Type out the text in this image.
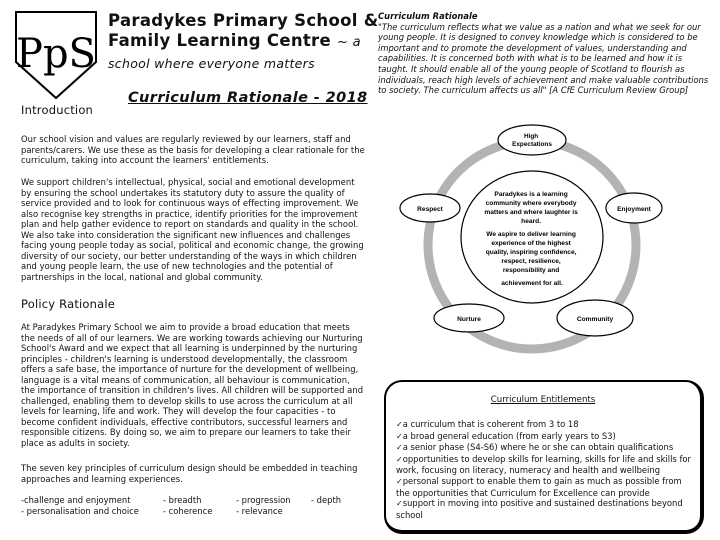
PpS
Paradykes Primary School &
Family Learning Centre ~ a
school where everyone matters
Curriculum Rationale - 2018
Introduction
Our school vision and values are regularly reviewed by our learners, staff and parents/carers. We use these as the basis for developing a clear rationale for the curriculum, taking into account the learners' entitlements.
We support children's intellectual, physical, social and emotional development by ensuring the school undertakes its statutory duty to assure the quality of service provided and to look for continuous ways of effecting improvement. We also recognise key strengths in practice, identify priorities for the improvement plan and help gather evidence to report on standards and quality in the school. We also take into consideration the significant new influences and challenges facing young people today as social, political and economic change, the growing diversity of our society, our better understanding of the ways in which children and young people learn, the use of new technologies and the potential of partnerships in the local, national and global community.
Policy Rationale
At Paradykes Primary School we aim to provide a broad education that meets the needs of all of our learners. We are working towards achieving our Nurturing School's Award and we expect that all learning is underpinned by the nurturing principles - children's learning is understood developmentally, the classroom offers a safe base, the importance of nurture for the development of wellbeing, language is a vital means of communication, all behaviour is communication, the importance of transition in children's lives. All children will be supported and challenged, enabling them to develop skills to use across the curriculum at all levels for learning, life and work. They will develop the four capacities - to become confident individuals, effective contributors, successful learners and responsible citizens. By doing so, we aim to prepare our learners to take their place as adults in society.
The seven key principles of curriculum design should be embedded in teaching approaches and learning experiences.
-challenge and enjoyment	- breadth	- progression	- depth
- personalisation and choice	- coherence	- relevance
Curriculum Rationale
"The curriculum reflects what we value as a nation and what we seek for our young people. It is designed to convey knowledge which is considered to be important and to promote the development of values, understanding and capabilities. It is concerned both with what is to be learned and how it is taught. It should enable all of the young people of Scotland to flourish as individuals, reach high levels of achievement and make valuable contributions to society. The curriculum affects us all" [A CfE Curriculum Review Group]
Paradykes is a learning community where everybody matters and where laughter is heard. We aspire to deliver learning experience of the highest quality, inspiring confidence, respect, resilience, responsibility and achievement for all.
High Expectations
Respect	Enjoyment
Nurture	Community
Curriculum Entitlements
✓a curriculum that is coherent from 3 to 18
✓a broad general education (from early years to S3)
✓a senior phase (S4-S6) where he or she can obtain qualifications
✓opportunities to develop skills for learning, skills for life and skills for work, focusing on literacy, numeracy and health and wellbeing
✓personal support to enable them to gain as much as possible from the opportunities that Curriculum for Excellence can provide
✓support in moving into positive and sustained destinations beyond school
